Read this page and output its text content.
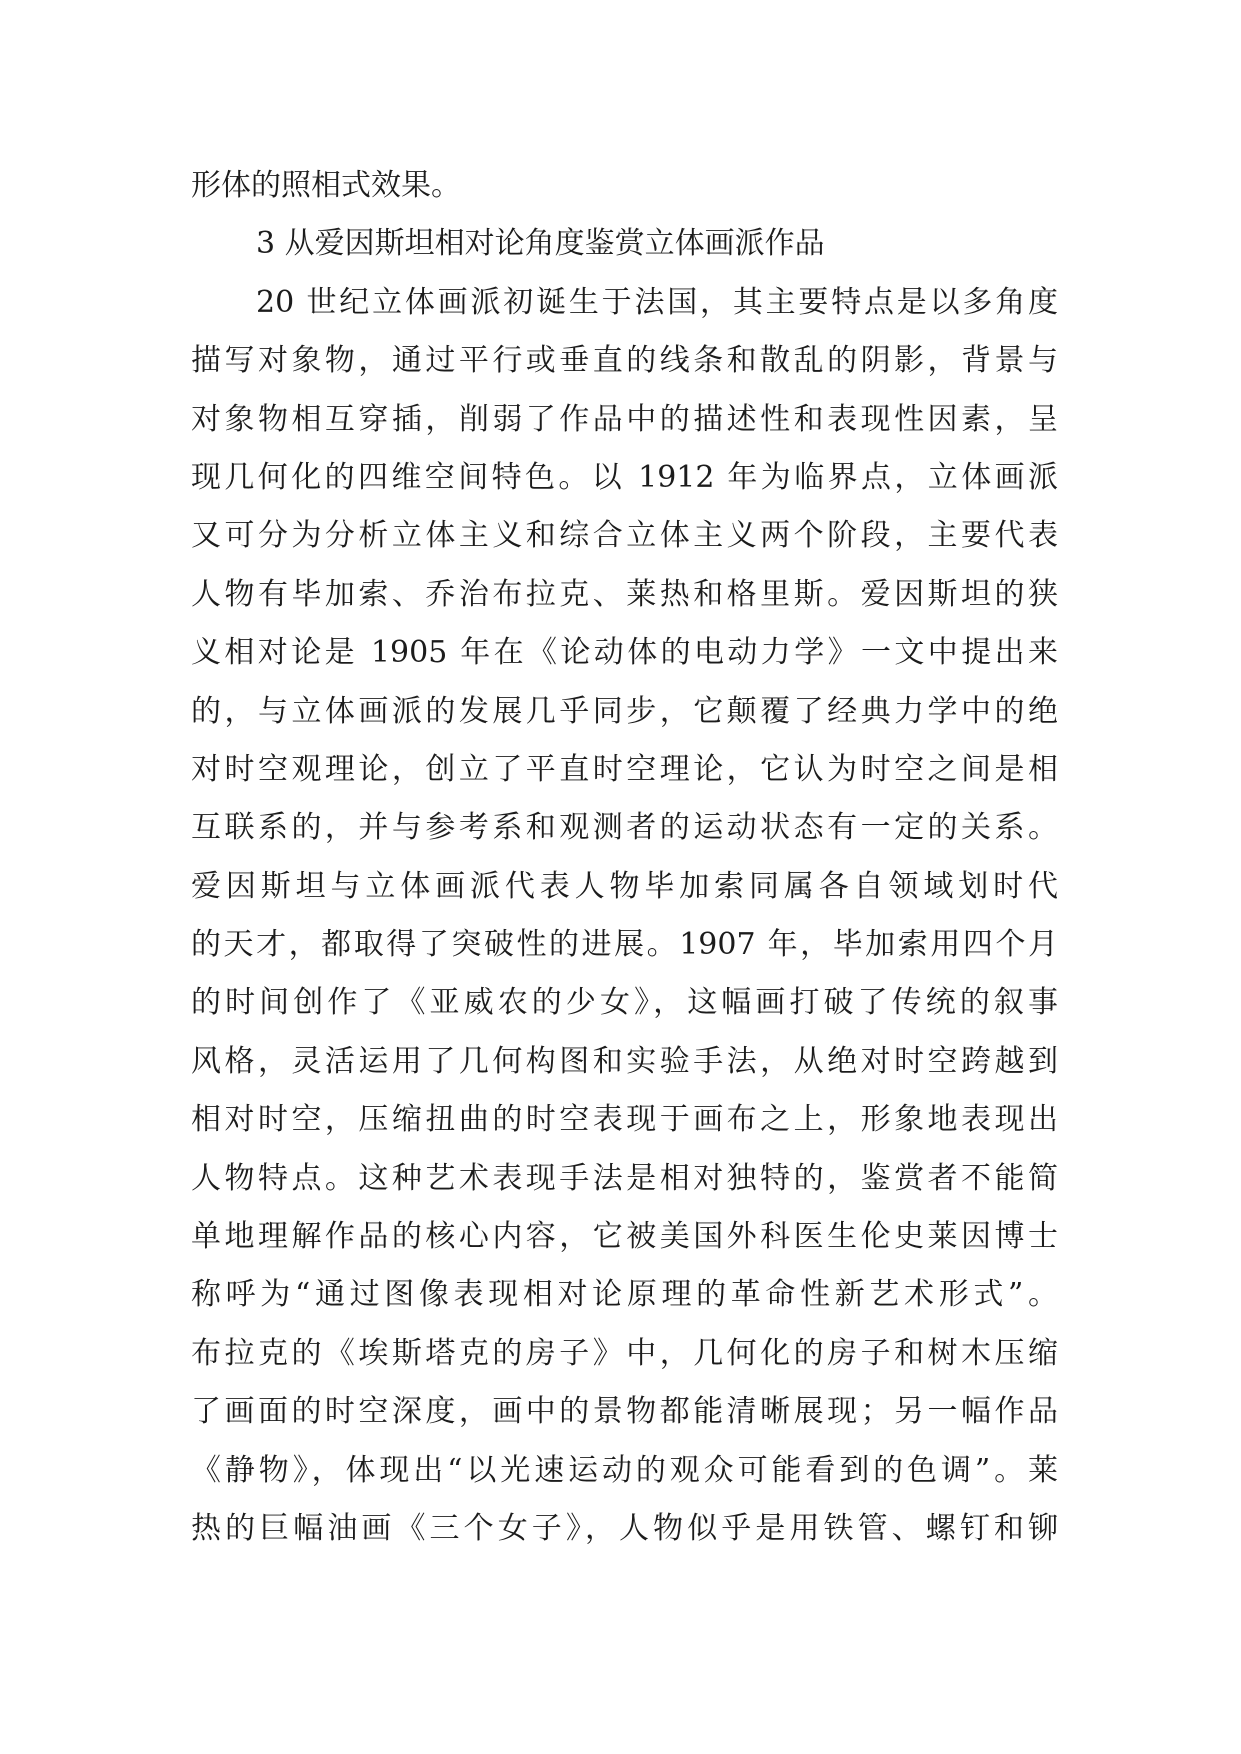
形体的照相式效果。
3 从爱因斯坦相对论角度鉴赏立体画派作品
20 世纪立体画派初诞生于法国，其主要特点是以多角度
描写对象物，通过平行或垂直的线条和散乱的阴影，背景与
对象物相互穿插，削弱了作品中的描述性和表现性因素，呈
现几何化的四维空间特色。以 1912 年为临界点，立体画派
又可分为分析立体主义和综合立体主义两个阶段，主要代表
人物有毕加索、乔治布拉克、莱热和格里斯。爱因斯坦的狭
义相对论是 1905 年在《论动体的电动力学》一文中提出来
的，与立体画派的发展几乎同步，它颠覆了经典力学中的绝
对时空观理论，创立了平直时空理论，它认为时空之间是相
互联系的，并与参考系和观测者的运动状态有一定的关系。
爱因斯坦与立体画派代表人物毕加索同属各自领域划时代
的天才，都取得了突破性的进展。1907 年，毕加索用四个月
的时间创作了《亚威农的少女》，这幅画打破了传统的叙事
风格，灵活运用了几何构图和实验手法，从绝对时空跨越到
相对时空，压缩扭曲的时空表现于画布之上，形象地表现出
人物特点。这种艺术表现手法是相对独特的，鉴赏者不能简
单地理解作品的核心内容，它被美国外科医生伦史莱因博士
称呼为“通过图像表现相对论原理的革命性新艺术形式”。
布拉克的《埃斯塔克的房子》中，几何化的房子和树木压缩
了画面的时空深度，画中的景物都能清晰展现；另一幅作品
《静物》，体现出“以光速运动的观众可能看到的色调”。莱
热的巨幅油画《三个女子》，人物似乎是用铁管、螺钉和铆
